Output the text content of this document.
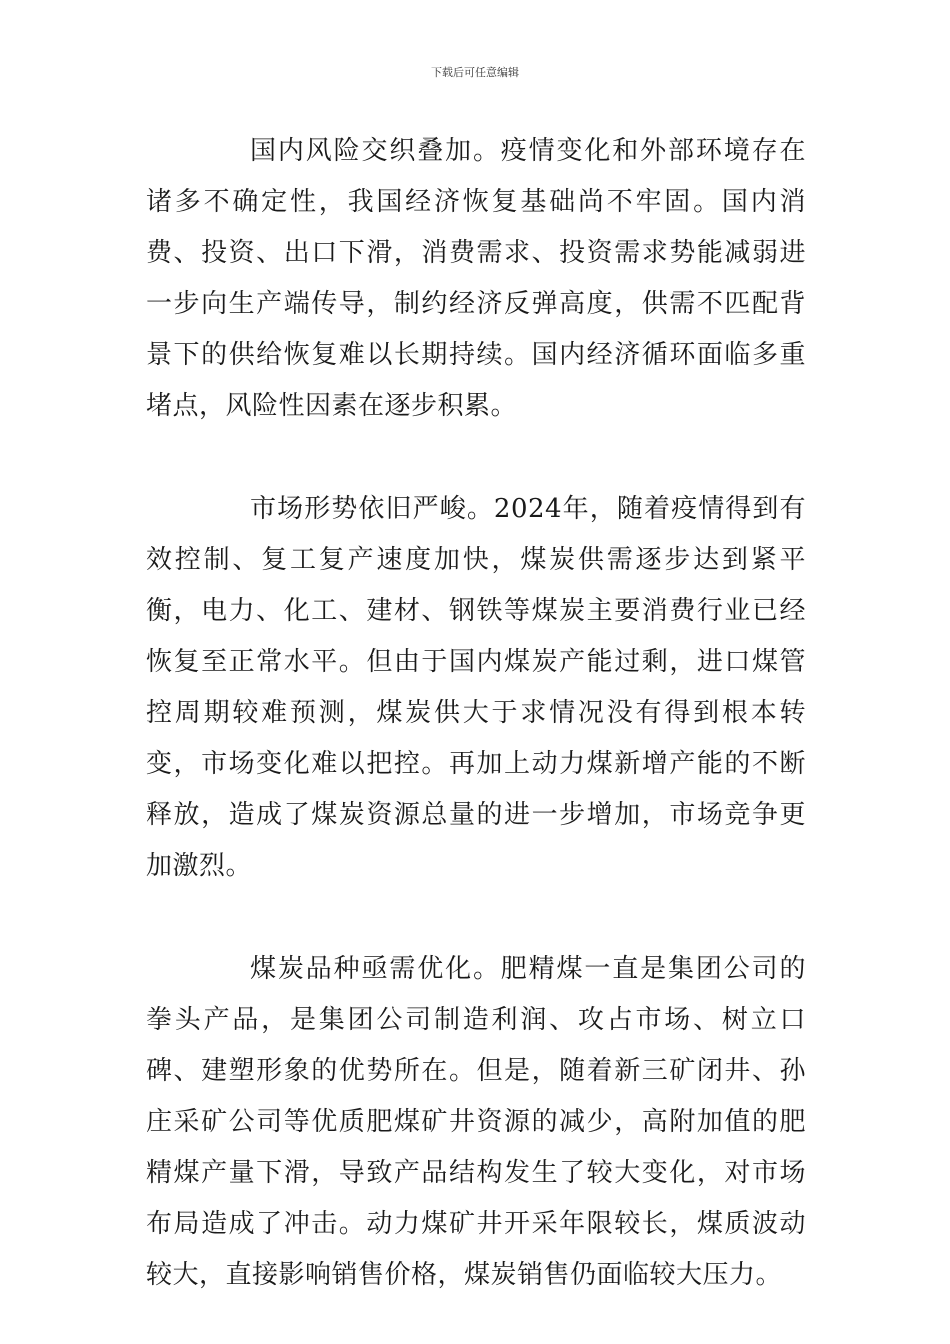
下载后可任意编辑

国内风险交织叠加。疫情变化和外部环境存在诸多不确定性，我国经济恢复基础尚不牢固。国内消费、投资、出口下滑，消费需求、投资需求势能减弱进一步向生产端传导，制约经济反弹高度，供需不匹配背景下的供给恢复难以长期持续。国内经济循环面临多重堵点，风险性因素在逐步积累。

市场形势依旧严峻。2024年，随着疫情得到有效控制、复工复产速度加快，煤炭供需逐步达到紧平衡，电力、化工、建材、钢铁等煤炭主要消费行业已经恢复至正常水平。但由于国内煤炭产能过剩，进口煤管控周期较难预测，煤炭供大于求情况没有得到根本转变，市场变化难以把控。再加上动力煤新增产能的不断释放，造成了煤炭资源总量的进一步增加，市场竞争更加激烈。

煤炭品种亟需优化。肥精煤一直是集团公司的拳头产品，是集团公司制造利润、攻占市场、树立口碑、建塑形象的优势所在。但是，随着新三矿闭井、孙庄采矿公司等优质肥煤矿井资源的减少，高附加值的肥精煤产量下滑，导致产品结构发生了较大变化，对市场布局造成了冲击。动力煤矿井开采年限较长，煤质波动较大，直接影响销售价格，煤炭销售仍面临较大压力。
